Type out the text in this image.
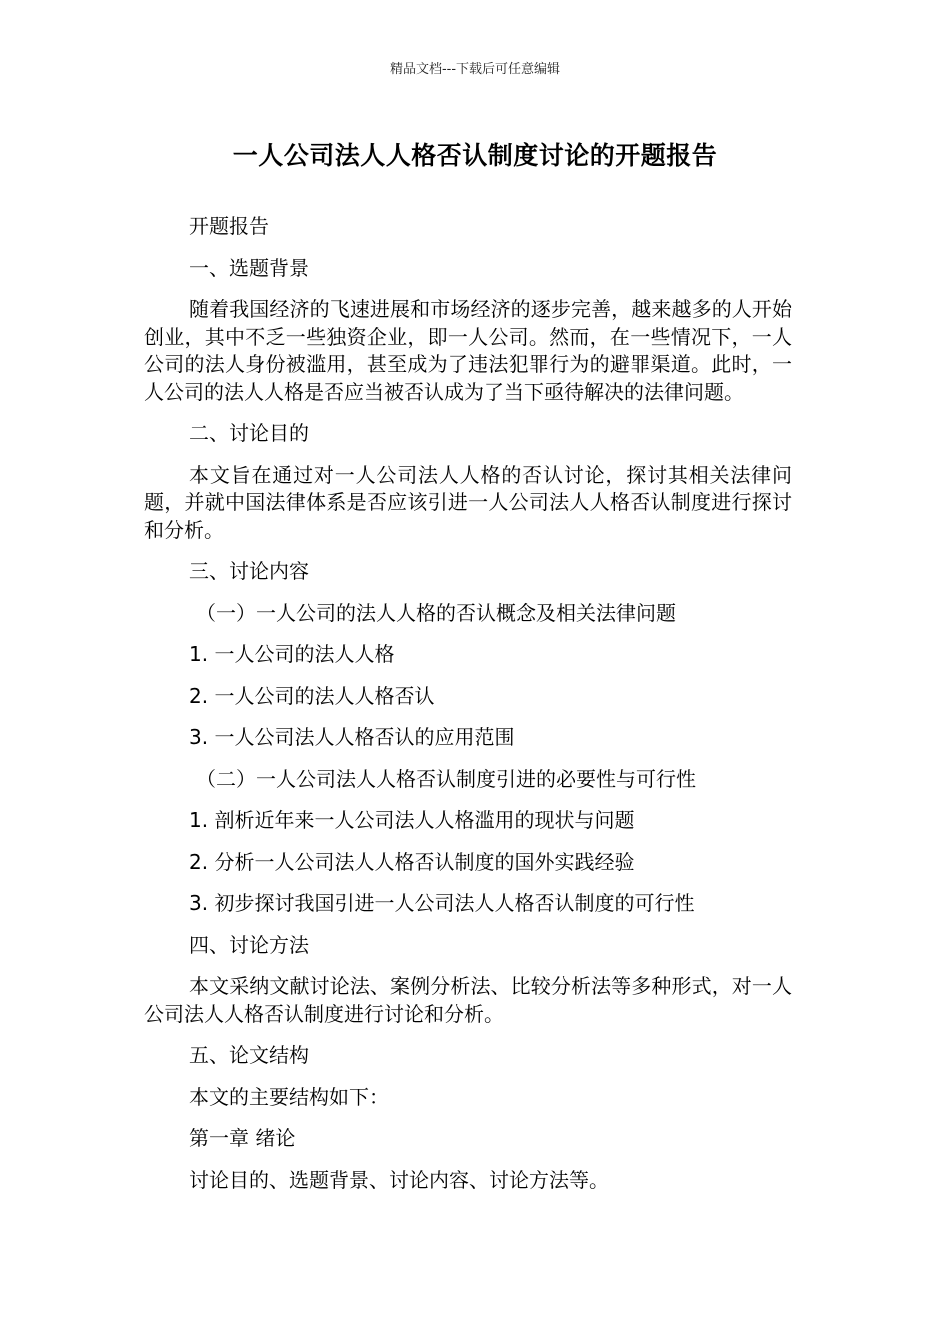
精品文档---下载后可任意编辑
一人公司法人人格否认制度讨论的开题报告

开题报告

一、选题背景

随着我国经济的飞速进展和市场经济的逐步完善，越来越多的人开始创业，其中不乏一些独资企业，即一人公司。然而，在一些情况下，一人公司的法人身份被滥用，甚至成为了违法犯罪行为的避罪渠道。此时，一人公司的法人人格是否应当被否认成为了当下亟待解决的法律问题。

二、讨论目的

本文旨在通过对一人公司法人人格的否认讨论，探讨其相关法律问题，并就中国法律体系是否应该引进一人公司法人人格否认制度进行探讨和分析。

三、讨论内容

（一）一人公司的法人人格的否认概念及相关法律问题

1. 一人公司的法人人格

2. 一人公司的法人人格否认

3. 一人公司法人人格否认的应用范围

（二）一人公司法人人格否认制度引进的必要性与可行性

1. 剖析近年来一人公司法人人格滥用的现状与问题

2. 分析一人公司法人人格否认制度的国外实践经验

3. 初步探讨我国引进一人公司法人人格否认制度的可行性

四、讨论方法

本文采纳文献讨论法、案例分析法、比较分析法等多种形式，对一人公司法人人格否认制度进行讨论和分析。

五、论文结构

本文的主要结构如下：

第一章 绪论

讨论目的、选题背景、讨论内容、讨论方法等。
